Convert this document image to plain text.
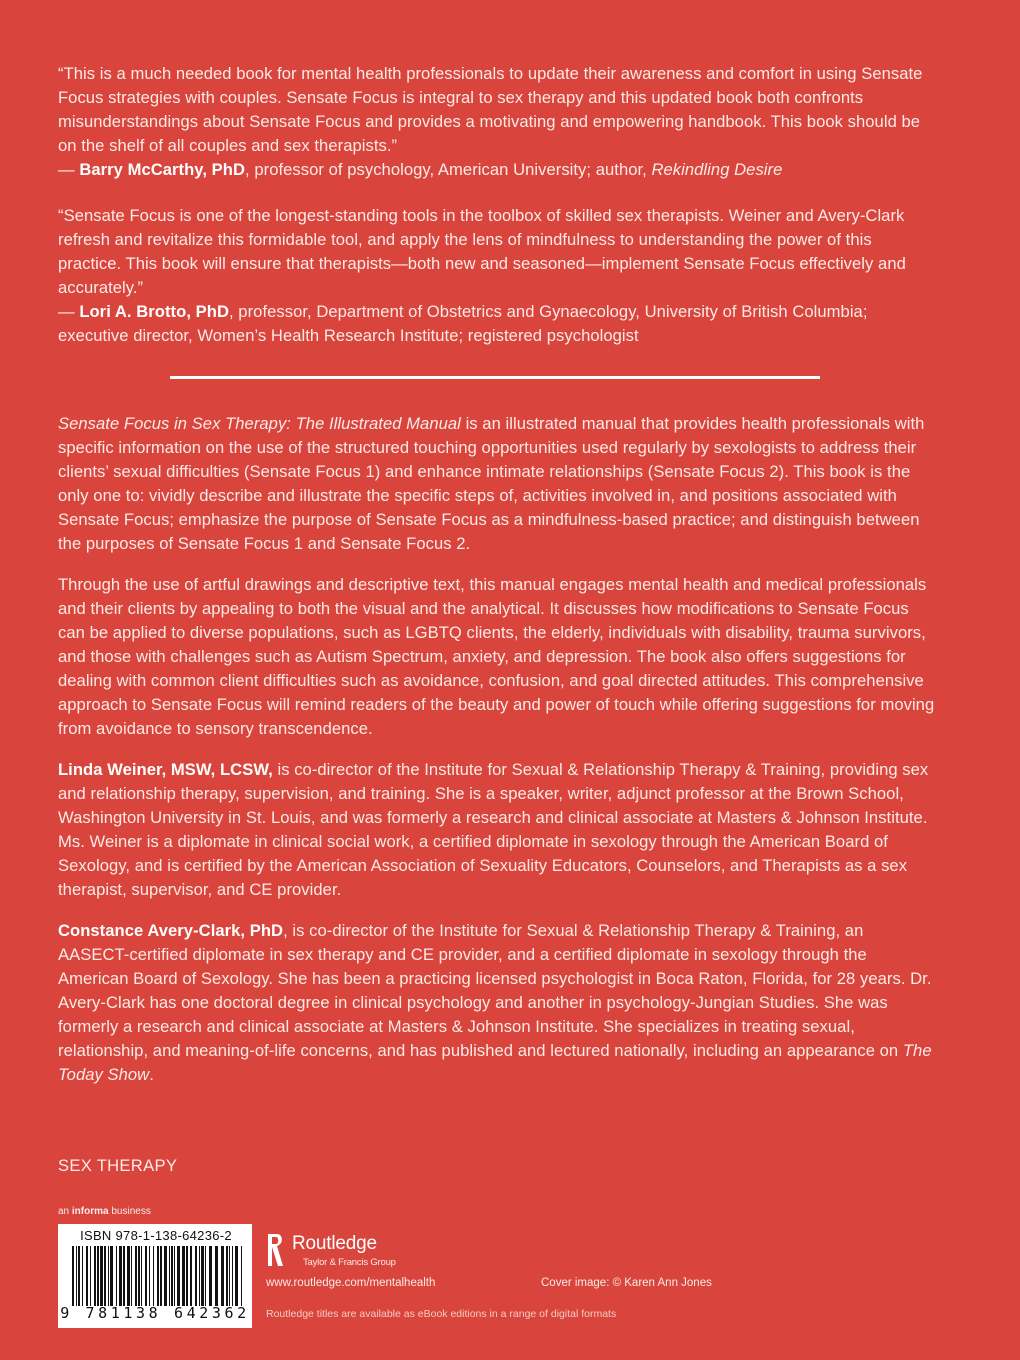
“This is a much needed book for mental health professionals to update their awareness and comfort in using Sensate Focus strategies with couples. Sensate Focus is integral to sex therapy and this updated book both confronts misunderstandings about Sensate Focus and provides a motivating and empowering handbook. This book should be on the shelf of all couples and sex therapists.”
— Barry McCarthy, PhD, professor of psychology, American University; author, Rekindling Desire

“Sensate Focus is one of the longest-standing tools in the toolbox of skilled sex therapists. Weiner and Avery-Clark refresh and revitalize this formidable tool, and apply the lens of mindfulness to understanding the power of this practice. This book will ensure that therapists—both new and seasoned—implement Sensate Focus effectively and accurately.”
— Lori A. Brotto, PhD, professor, Department of Obstetrics and Gynaecology, University of British Columbia; executive director, Women’s Health Research Institute; registered psychologist

Sensate Focus in Sex Therapy: The Illustrated Manual is an illustrated manual that provides health professionals with specific information on the use of the structured touching opportunities used regularly by sexologists to address their clients’ sexual difficulties (Sensate Focus 1) and enhance intimate relationships (Sensate Focus 2). This book is the only one to: vividly describe and illustrate the specific steps of, activities involved in, and positions associated with Sensate Focus; emphasize the purpose of Sensate Focus as a mindfulness-based practice; and distinguish between the purposes of Sensate Focus 1 and Sensate Focus 2.

Through the use of artful drawings and descriptive text, this manual engages mental health and medical professionals and their clients by appealing to both the visual and the analytical. It discusses how modifications to Sensate Focus can be applied to diverse populations, such as LGBTQ clients, the elderly, individuals with disability, trauma survivors, and those with challenges such as Autism Spectrum, anxiety, and depression. The book also offers suggestions for dealing with common client difficulties such as avoidance, confusion, and goal directed attitudes. This comprehensive approach to Sensate Focus will remind readers of the beauty and power of touch while offering suggestions for moving from avoidance to sensory transcendence.

Linda Weiner, MSW, LCSW, is co-director of the Institute for Sexual & Relationship Therapy & Training, providing sex and relationship therapy, supervision, and training. She is a speaker, writer, adjunct professor at the Brown School, Washington University in St. Louis, and was formerly a research and clinical associate at Masters & Johnson Institute. Ms. Weiner is a diplomate in clinical social work, a certified diplomate in sexology through the American Board of Sexology, and is certified by the American Association of Sexuality Educators, Counselors, and Therapists as a sex therapist, supervisor, and CE provider.

Constance Avery-Clark, PhD, is co-director of the Institute for Sexual & Relationship Therapy & Training, an AASECT-certified diplomate in sex therapy and CE provider, and a certified diplomate in sexology through the American Board of Sexology. She has been a practicing licensed psychologist in Boca Raton, Florida, for 28 years. Dr. Avery-Clark has one doctoral degree in clinical psychology and another in psychology-Jungian Studies. She was formerly a research and clinical associate at Masters & Johnson Institute. She specializes in treating sexual, relationship, and meaning-of-life concerns, and has published and lectured nationally, including an appearance on The Today Show.

SEX THERAPY
an informa business
ISBN 978-1-138-64236-2
9 781138 642362
Routledge
Taylor & Francis Group
www.routledge.com/mentalhealth	Cover image: © Karen Ann Jones
Routledge titles are available as eBook editions in a range of digital formats
